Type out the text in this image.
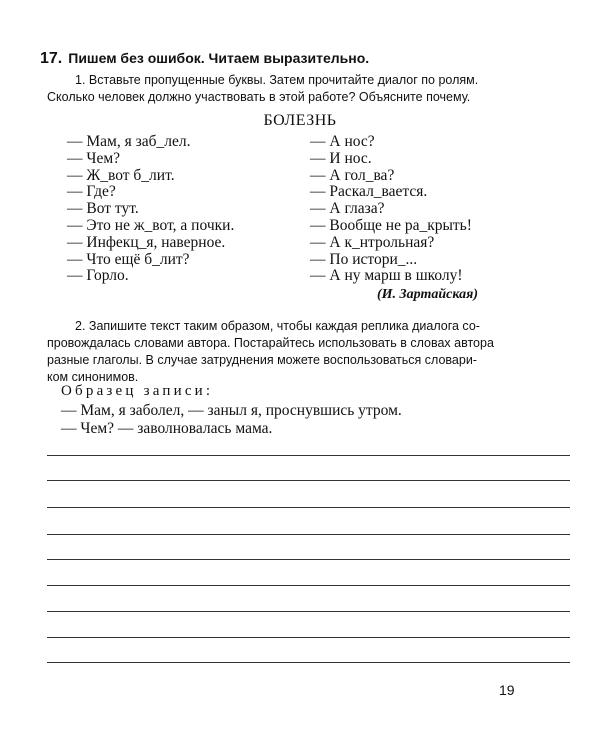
17. Пишем без ошибок. Читаем выразительно.
1. Вставьте пропущенные буквы. Затем прочитайте диалог по ролям.
Сколько человек должно участвовать в этой работе? Объясните почему.
БОЛЕЗНЬ
— Мам, я заб_лел.
— Чем?
— Ж_вот б_лит.
— Где?
— Вот тут.
— Это не ж_вот, а почки.
— Инфекц_я, наверное.
— Что ещё б_лит?
— Горло.
— А нос?
— И нос.
— А гол_ва?
— Раскал_вается.
— А глаза?
— Вообще не ра_крыть!
— А к_нтрольная?
— По истори_...
— А ну марш в школу!
(И. Зартайская)
2. Запишите текст таким образом, чтобы каждая реплика диалога со-
провождалась словами автора. Постарайтесь использовать в словах автора
разные глаголы. В случае затруднения можете воспользоваться словари-
ком синонимов.
Образец записи:
— Мам, я заболел, — заныл я, проснувшись утром.
— Чем? — заволновалась мама.
19
